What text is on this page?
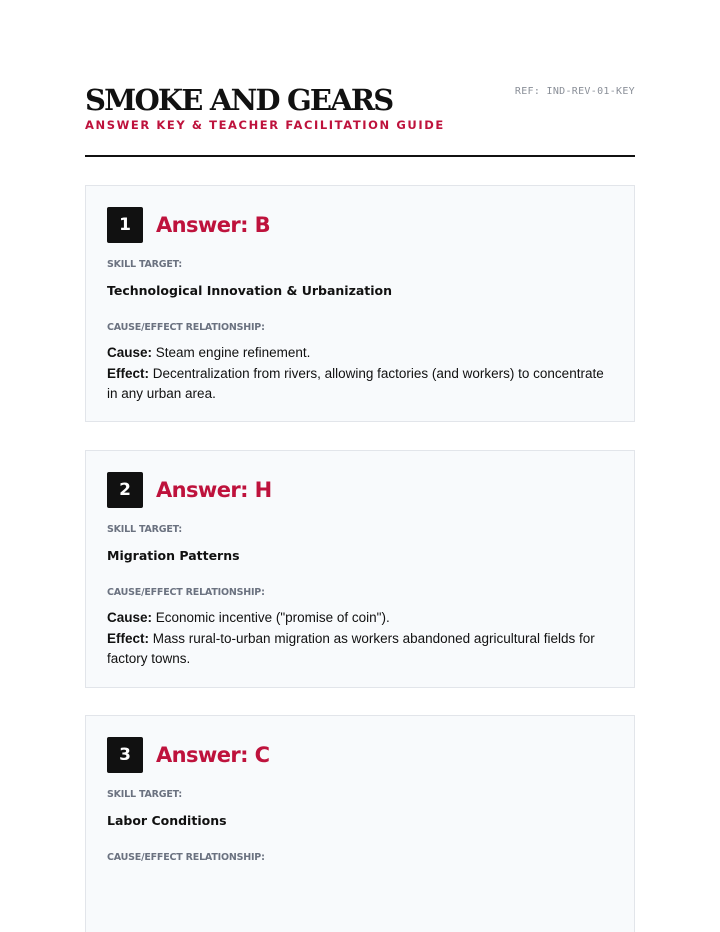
SMOKE AND GEARS
ANSWER KEY & TEACHER FACILITATION GUIDE
REF: IND-REV-01-KEY
1	Answer: B
SKILL TARGET:
Technological Innovation & Urbanization
CAUSE/EFFECT RELATIONSHIP:
Cause: Steam engine refinement.
Effect: Decentralization from rivers, allowing factories (and workers) to concentrate in any urban area.
2	Answer: H
SKILL TARGET:
Migration Patterns
CAUSE/EFFECT RELATIONSHIP:
Cause: Economic incentive ("promise of coin").
Effect: Mass rural-to-urban migration as workers abandoned agricultural fields for factory towns.
3	Answer: C
SKILL TARGET:
Labor Conditions
CAUSE/EFFECT RELATIONSHIP:
